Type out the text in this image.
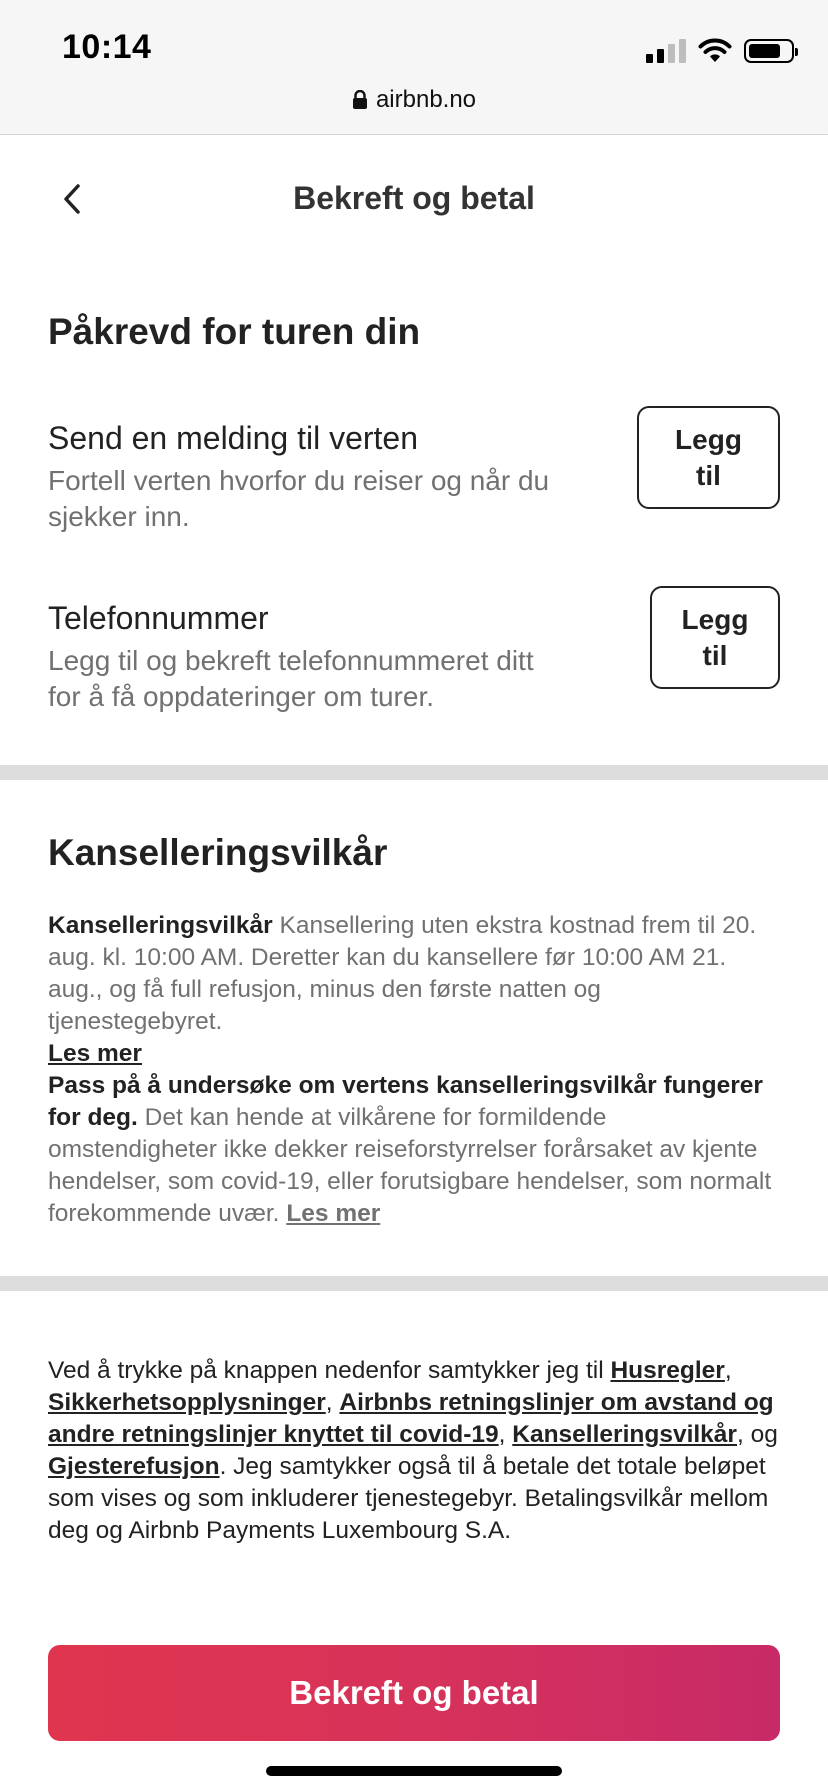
10:14
airbnb.no
Bekreft og betal
Påkrevd for turen din
Send en melding til verten
Fortell verten hvorfor du reiser og når du
sjekker inn.
Legg
til
Telefonnummer
Legg til og bekreft telefonnummeret ditt
for å få oppdateringer om turer.
Legg
til
Kanselleringsvilkår

Kanselleringsvilkår Kansellering uten ekstra kostnad frem til 20. aug. kl. 10:00 AM. Deretter kan du kansellere før 10:00 AM 21. aug., og få full refusjon, minus den første natten og tjenestegebyret.
Les mer

Pass på å undersøke om vertens kanselleringsvilkår fungerer for deg. Det kan hende at vilkårene for formildende omstendigheter ikke dekker reiseforstyrrelser forårsaket av kjente hendelser, som covid-19, eller forutsigbare hendelser, som normalt forekommende uvær. Les mer

Ved å trykke på knappen nedenfor samtykker jeg til Husregler, Sikkerhetsopplysninger, Airbnbs retningslinjer om avstand og andre retningslinjer knyttet til covid-19, Kanselleringsvilkår, og Gjesterefusjon. Jeg samtykker også til å betale det totale beløpet som vises og som inkluderer tjenestegebyr. Betalingsvilkår mellom deg og Airbnb Payments Luxembourg S.A.

Bekreft og betal
